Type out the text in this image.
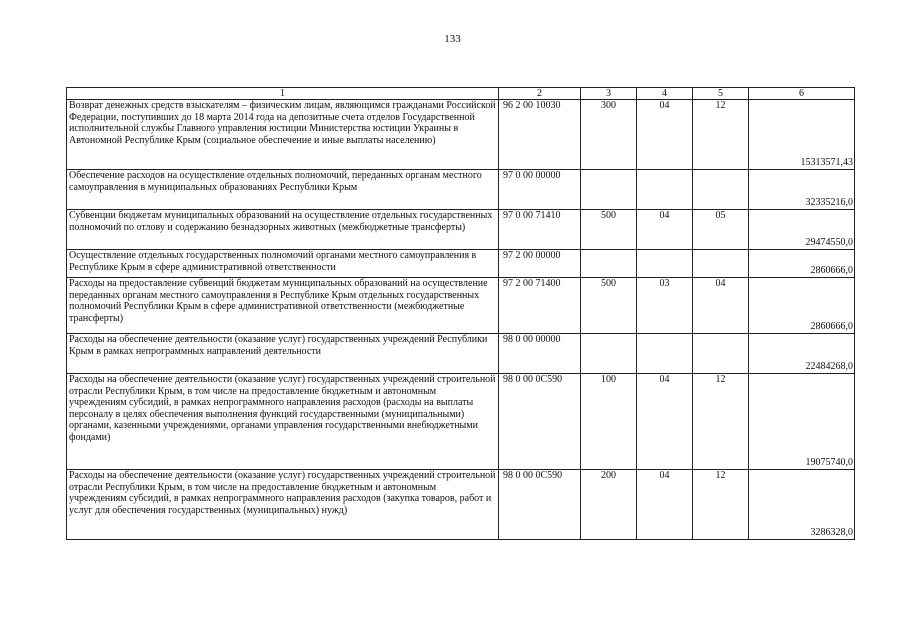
133
1	2	3	4	5	6
Возврат денежных средств взыскателям – физическим лицам, являющимся гражданами Российской Федерации, поступивших до 18 марта 2014 года на депозитные счета отделов Государственной исполнительной службы Главного управления юстиции Министерства юстиции Украины в Автономной Республике Крым (социальное обеспечение и иные выплаты населению)	96 2 00 10030	300	04	12	15313571,43
Обеспечение расходов на осуществление отдельных полномочий, переданных органам местного самоуправления в муниципальных образованиях Республики Крым	97 0 00 00000				32335216,0
Субвенции бюджетам муниципальных образований на осуществление отдельных государственных полномочий по отлову и содержанию безнадзорных животных (межбюджетные трансферты)	97 0 00 71410	500	04	05	29474550,0
Осуществление отдельных государственных полномочий органами местного самоуправления в Республике Крым в сфере административной ответственности	97 2 00 00000				2860666,0
Расходы на предоставление субвенций бюджетам муниципальных образований на осуществление переданных органам местного самоуправления в Республике Крым отдельных государственных полномочий Республики Крым в сфере административной ответственности (межбюджетные трансферты)	97 2 00 71400	500	03	04	2860666,0
Расходы на обеспечение деятельности (оказание услуг) государственных учреждений Республики Крым в рамках непрограммных направлений деятельности	98 0 00 00000				22484268,0
Расходы на обеспечение деятельности (оказание услуг) государственных учреждений строительной отрасли Республики Крым, в том числе на предоставление бюджетным и автономным учреждениям субсидий, в рамках непрограммного направления расходов (расходы на выплаты персоналу в целях обеспечения выполнения функций государственными (муниципальными) органами, казенными учреждениями, органами управления государственными внебюджетными фондами)	98 0 00 0С590	100	04	12	19075740,0
Расходы на обеспечение деятельности (оказание услуг) государственных учреждений строительной отрасли Республики Крым, в том числе на предоставление бюджетным и автономным учреждениям субсидий, в рамках непрограммного направления расходов (закупка товаров, работ и услуг для обеспечения государственных (муниципальных) нужд)	98 0 00 0С590	200	04	12	3286328,0
